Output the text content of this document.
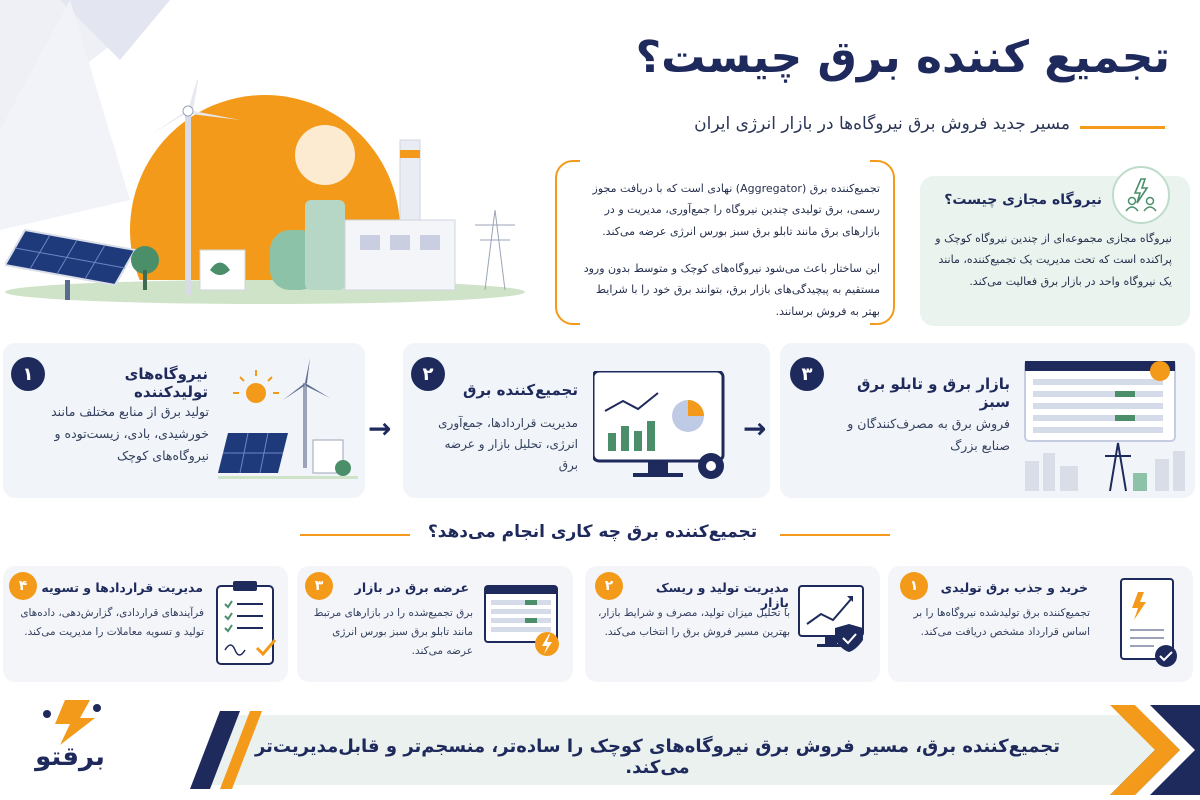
تجمیع کننده برق چیست؟
مسیر جدید فروش برق نیروگاه‌ها در بازار انرژی ایران
تجمیع‌کننده برق (Aggregator) نهادی است که با دریافت مجوز رسمی، برق تولیدی چندین نیروگاه را جمع‌آوری، مدیریت و در بازارهای برق مانند تابلو برق سبز بورس انرژی عرضه می‌کند.
این ساختار باعث می‌شود نیروگاه‌های کوچک و متوسط بدون ورود مستقیم به پیچیدگی‌های بازار برق، بتوانند برق خود را با شرایط بهتر به فروش برسانند.
نیروگاه مجازی چیست؟
نیروگاه مجازی مجموعه‌ای از چندین نیروگاه کوچک و پراکنده است که تحت مدیریت یک تجمیع‌کننده، مانند یک نیروگاه واحد در بازار برق فعالیت می‌کند.
۱	نیروگاه‌های تولیدکننده
تولید برق از منابع مختلف مانند خورشیدی، بادی، زیست‌توده و نیروگاه‌های کوچک
→
۲
تجمیع‌کننده برق
مدیریت قراردادها، جمع‌آوری انرژی، تحلیل بازار و عرضه برق
→
۳	بازار برق و تابلو برق سبز
فروش برق به مصرف‌کنندگان و صنایع بزرگ
تجمیع‌کننده برق چه کاری انجام می‌دهد؟
۱	خرید و جذب برق تولیدی
تجمیع‌کننده برق تولیدشده نیروگاه‌ها را بر اساس قرارداد مشخص دریافت می‌کند.
۲	مدیریت تولید و ریسک بازار
با تحلیل میزان تولید، مصرف و شرایط بازار، بهترین مسیر فروش برق را انتخاب می‌کند.
۳	عرضه برق در بازار
برق تجمیع‌شده را در بازارهای مرتبط مانند تابلو برق سبز بورس انرژی عرضه می‌کند.
۴	مدیریت قراردادها و تسویه
فرآیندهای قراردادی، گزارش‌دهی، داده‌های تولید و تسویه معاملات را مدیریت می‌کند.
تجمیع‌کننده برق، مسیر فروش برق نیروگاه‌های کوچک را ساده‌تر، منسجم‌تر و قابل‌مدیریت‌تر می‌کند.
برقتو
